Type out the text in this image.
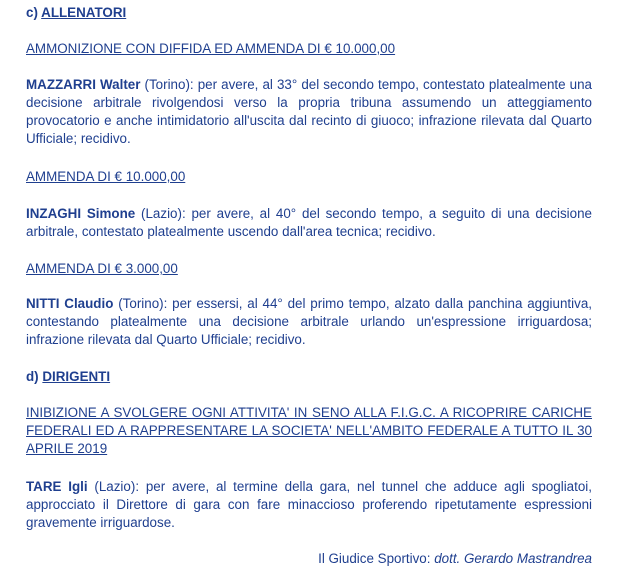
c) ALLENATORI

AMMONIZIONE CON DIFFIDA ED AMMENDA DI € 10.000,00

MAZZARRI Walter (Torino): per avere, al 33° del secondo tempo, contestato platealmente una decisione arbitrale rivolgendosi verso la propria tribuna assumendo un atteggiamento provocatorio e anche intimidatorio all'uscita dal recinto di giuoco; infrazione rilevata dal Quarto Ufficiale; recidivo.

AMMENDA DI € 10.000,00

INZAGHI Simone (Lazio): per avere, al 40° del secondo tempo, a seguito di una decisione arbitrale, contestato platealmente uscendo dall'area tecnica; recidivo.

AMMENDA DI € 3.000,00

NITTI Claudio (Torino): per essersi, al 44° del primo tempo, alzato dalla panchina aggiuntiva, contestando platealmente una decisione arbitrale urlando un'espressione irriguardosa; infrazione rilevata dal Quarto Ufficiale; recidivo.

d) DIRIGENTI

INIBIZIONE A SVOLGERE OGNI ATTIVITA' IN SENO ALLA F.I.G.C. A RICOPRIRE CARICHE FEDERALI ED A RAPPRESENTARE LA SOCIETA' NELL'AMBITO FEDERALE A TUTTO IL 30 APRILE 2019

TARE Igli (Lazio): per avere, al termine della gara, nel tunnel che adduce agli spogliatoi, approcciato il Direttore di gara con fare minaccioso proferendo ripetutamente espressioni gravemente irriguardose.

Il Giudice Sportivo: dott. Gerardo Mastrandrea
